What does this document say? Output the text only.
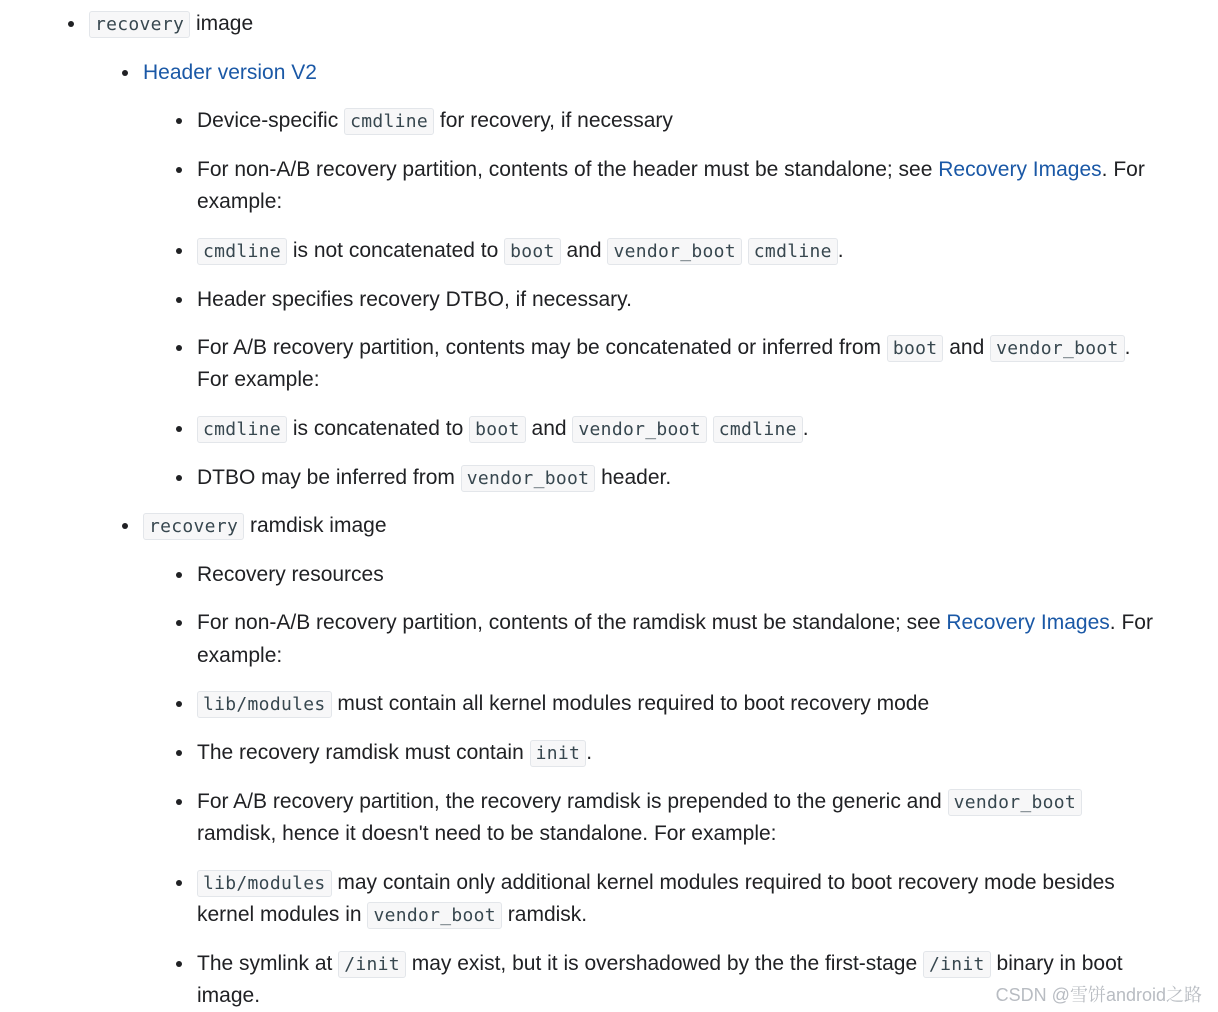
recovery image
Header version V2
Device-specific cmdline for recovery, if necessary
For non-A/B recovery partition, contents of the header must be standalone; see Recovery Images. For
example:
cmdline is not concatenated to boot and vendor_boot cmdline .
Header specifies recovery DTBO, if necessary.
For A/B recovery partition, contents may be concatenated or inferred from boot and vendor_boot .
For example:
cmdline is concatenated to boot and vendor_boot cmdline .
DTBO may be inferred from vendor_boot header.
recovery ramdisk image
Recovery resources
For non-A/B recovery partition, contents of the ramdisk must be standalone; see Recovery Images. For
example:
lib/modules must contain all kernel modules required to boot recovery mode
The recovery ramdisk must contain init .
For A/B recovery partition, the recovery ramdisk is prepended to the generic and vendor_boot
ramdisk, hence it doesn't need to be standalone. For example:
lib/modules may contain only additional kernel modules required to boot recovery mode besides
kernel modules in vendor_boot ramdisk.
The symlink at /init may exist, but it is overshadowed by the the first-stage /init binary in boot
image.	CSDN @雪饼android之路
